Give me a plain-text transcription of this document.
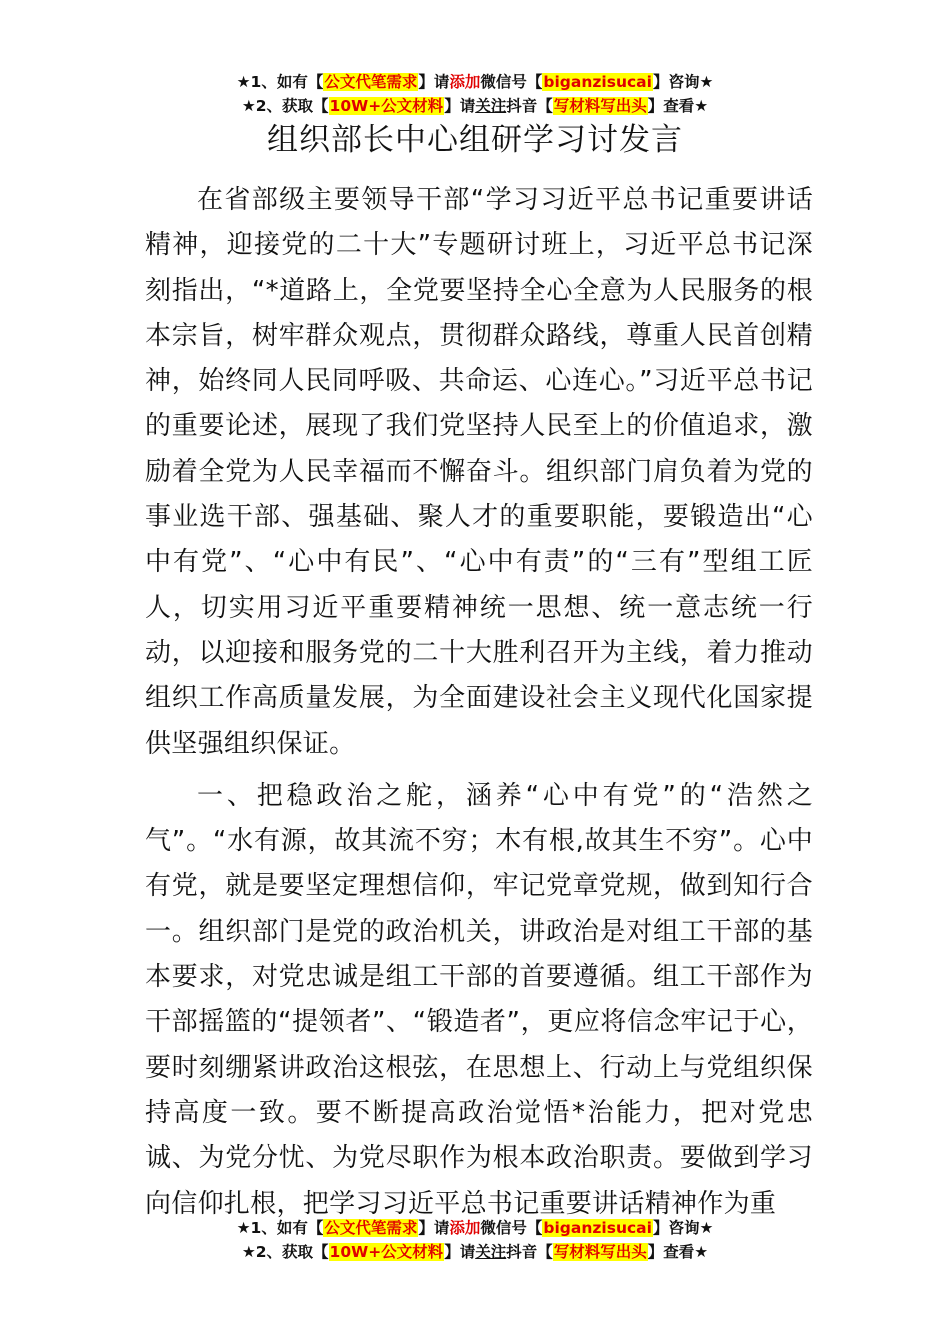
★1、如有【公文代笔需求】请添加微信号【biganzisucai】咨询★
★2、获取【10W+公文材料】请关注抖音【写材料写出头】查看★
组织部长中心组研学习讨发言

在省部级主要领导干部“学习习近平总书记重要讲话精神，迎接党的二十大”专题研讨班上，习近平总书记深刻指出，“*道路上，全党要坚持全心全意为人民服务的根本宗旨，树牢群众观点，贯彻群众路线，尊重人民首创精神，始终同人民同呼吸、共命运、心连心。”习近平总书记的重要论述，展现了我们党坚持人民至上的价值追求，激励着全党为人民幸福而不懈奋斗。组织部门肩负着为党的事业选干部、强基础、聚人才的重要职能，要锻造出“心中有党”、“心中有民”、“心中有责”的“三有”型组工匠人，切实用习近平重要精神统一思想、统一意志统一行动，以迎接和服务党的二十大胜利召开为主线，着力推动组织工作高质量发展，为全面建设社会主义现代化国家提供坚强组织保证。

一、把稳政治之舵，涵养“心中有党”的“浩然之气”。“水有源，故其流不穷；木有根,故其生不穷”。心中有党，就是要坚定理想信仰，牢记党章党规，做到知行合一。组织部门是党的政治机关，讲政治是对组工干部的基本要求，对党忠诚是组工干部的首要遵循。组工干部作为干部摇篮的“提领者”、“锻造者”，更应将信念牢记于心，要时刻绷紧讲政治这根弦，在思想上、行动上与党组织保持高度一致。要不断提高政治觉悟*治能力，把对党忠诚、为党分忧、为党尽职作为根本政治职责。要做到学习向信仰扎根，把学习习近平总书记重要讲话精神作为重

★1、如有【公文代笔需求】请添加微信号【biganzisucai】咨询★
★2、获取【10W+公文材料】请关注抖音【写材料写出头】查看★
